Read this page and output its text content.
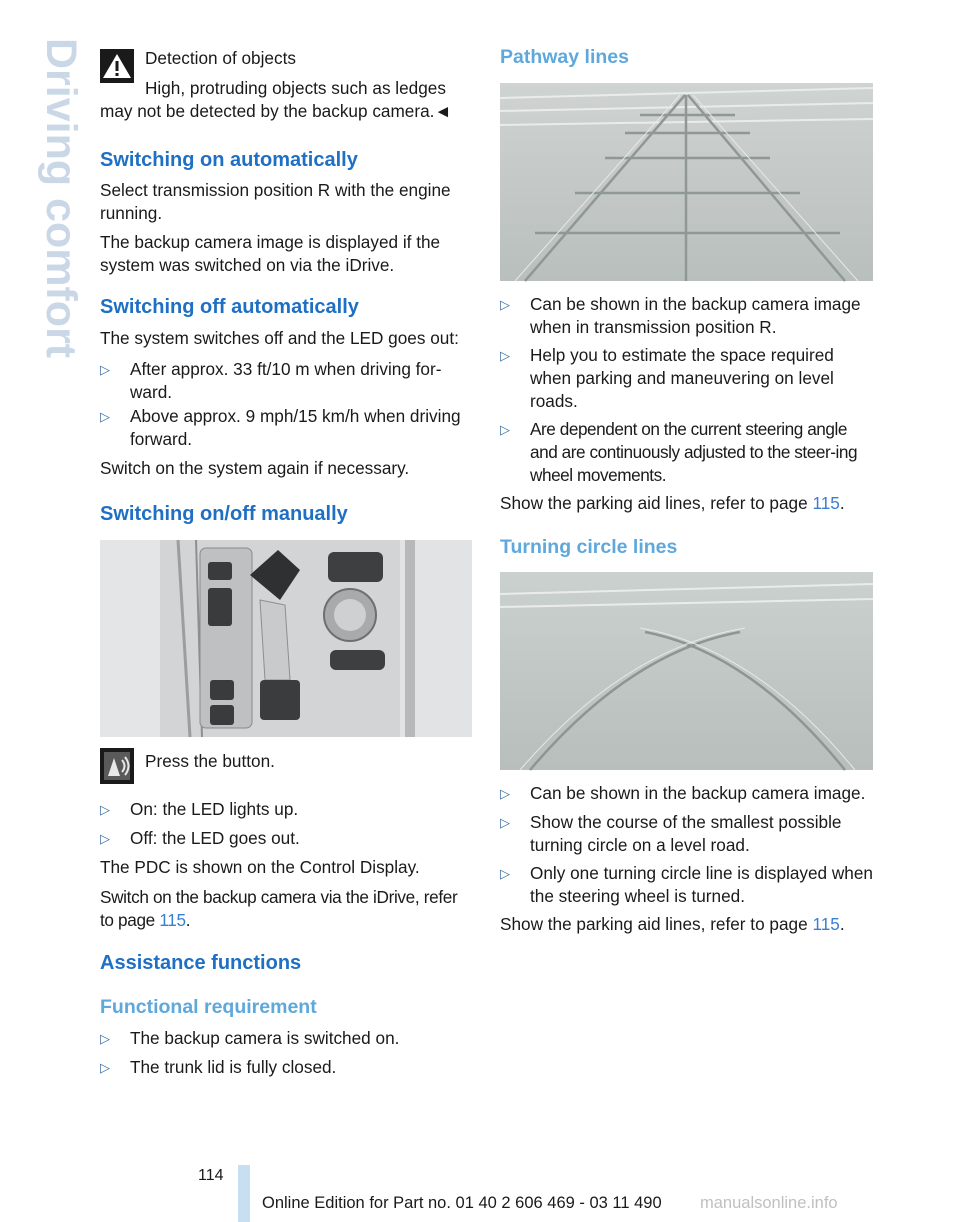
Driving comfort	Detection of objects

High, protruding objects such as ledges

may not be detected by the backup camera.◄

Switching on automatically

Select transmission position R with the engine running.

The backup camera image is displayed if the system was switched on via the iDrive.

Switching off automatically

The system switches off and the LED goes out:

▷ After approx. 33 ft/10 m when driving for-ward.

▷ Above approx. 9 mph/15 km/h when driving forward.

Switch on the system again if necessary.

Switching on/off manually

Press the button.

▷ On: the LED lights up.

▷ Off: the LED goes out.

The PDC is shown on the Control Display.

Switch on the backup camera via the iDrive, refer to page 115.

Assistance functions
Functional requirement
▷ The backup camera is switched on.

▷ The trunk lid is fully closed.

Pathway lines
▷ Can be shown in the backup camera image when in transmission position R.

▷ Help you to estimate the space required when parking and maneuvering on level roads.

▷ Are dependent on the current steering angle and are continuously adjusted to the steer-ing wheel movements.

Show the parking aid lines, refer to page 115.

Turning circle lines
▷ Can be shown in the backup camera image.

▷ Show the course of the smallest possible turning circle on a level road.

▷ Only one turning circle line is displayed when the steering wheel is turned.

Show the parking aid lines, refer to page 115.

114
Online Edition for Part no. 01 40 2 606 469 - 03 11 490 manualsonline.info
